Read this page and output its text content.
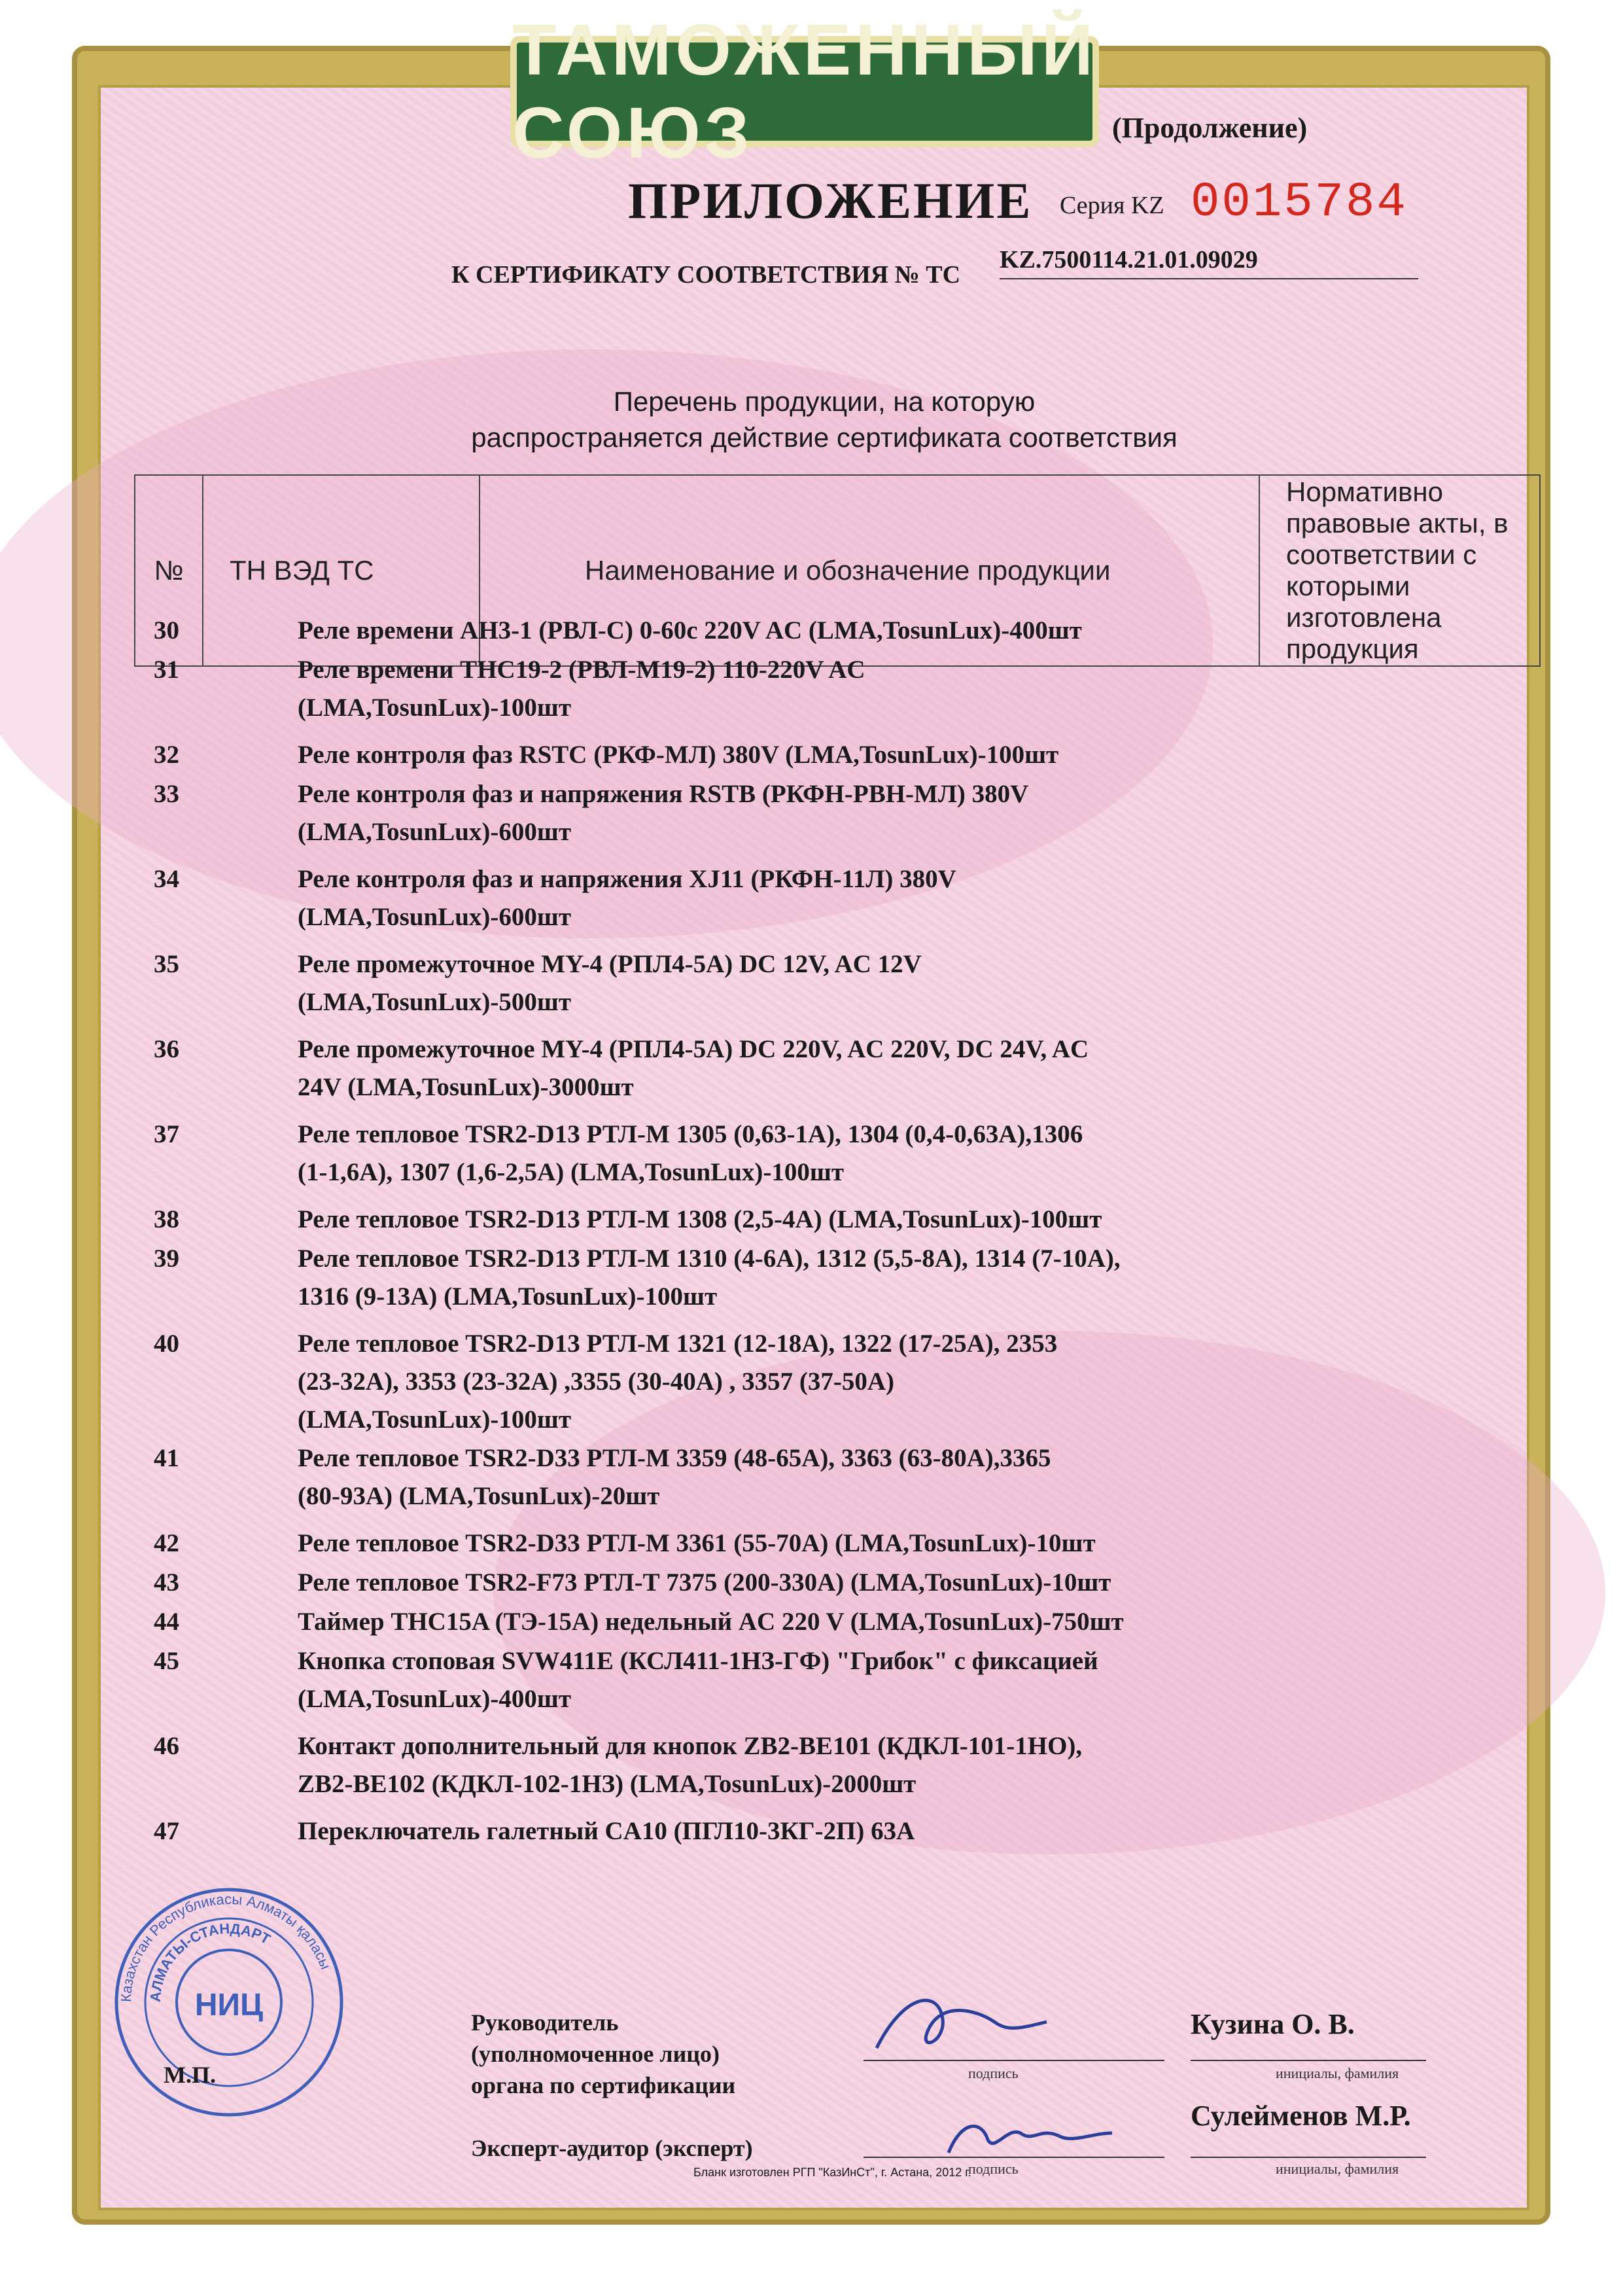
ТАМОЖЕННЫЙ СОЮЗ	(Продолжение)
ПРИЛОЖЕНИЕ Серия KZ 0015784
К СЕРТИФИКАТУ СООТВЕТСТВИЯ № ТС
KZ.7500114.21.01.09029
Перечень продукции, на которую
распространяется действие сертификата соответствия
№	ТН ВЭД ТС	Наименование и обозначение продукции	Нормативно правовые акты, в соответствии с которыми изготовлена продукция
30	Реле времени АН3-1 (РВЛ-С) 0-60с 220V AC (LMA,TosunLux)-400шт
31	Реле времени THC19-2 (РВЛ-М19-2) 110-220V AC
(LMA,TosunLux)-100шт
32	Реле контроля фаз RSTC (РКФ-МЛ) 380V (LMA,TosunLux)-100шт
33	Реле контроля фаз и напряжения RSTB (РКФН-РВН-МЛ) 380V
(LMA,TosunLux)-600шт
34	Реле контроля фаз и напряжения XJ11 (РКФН-11Л) 380V
(LMA,TosunLux)-600шт
35	Реле промежуточное MY-4 (РПЛ4-5А) DC 12V, AC 12V
(LMA,TosunLux)-500шт
36	Реле промежуточное MY-4 (РПЛ4-5А) DC 220V, AC 220V, DC 24V, AC
24V (LMA,TosunLux)-3000шт
37	Реле тепловое TSR2-D13 РТЛ-М 1305 (0,63-1А), 1304 (0,4-0,63А),1306
(1-1,6А), 1307 (1,6-2,5А) (LMA,TosunLux)-100шт
38	Реле тепловое TSR2-D13 РТЛ-М 1308 (2,5-4А) (LMA,TosunLux)-100шт
39	Реле тепловое TSR2-D13 РТЛ-М 1310 (4-6А), 1312 (5,5-8А), 1314 (7-10А),
1316 (9-13А) (LMA,TosunLux)-100шт
40	Реле тепловое TSR2-D13 РТЛ-М 1321 (12-18А), 1322 (17-25А), 2353
(23-32А), 3353 (23-32А) ,3355 (30-40А) , 3357 (37-50А)
(LMA,TosunLux)-100шт
41	Реле тепловое TSR2-D33 РТЛ-М 3359 (48-65А), 3363 (63-80А),3365
(80-93А) (LMA,TosunLux)-20шт
42	Реле тепловое TSR2-D33 РТЛ-М 3361 (55-70А) (LMA,TosunLux)-10шт
43	Реле тепловое TSR2-F73 РТЛ-Т 7375 (200-330А) (LMA,TosunLux)-10шт
44	Таймер THC15A (ТЭ-15А) недельный AC 220 V (LMA,TosunLux)-750шт
45	Кнопка стоповая SVW411E (КСЛ411-1НЗ-ГФ) "Грибок" с фиксацией
(LMA,TosunLux)-400шт
46	Контакт дополнительный для кнопок ZB2-BE101 (КДКЛ-101-1НО),
ZB2-BE102 (КДКЛ-102-1НЗ) (LMA,TosunLux)-2000шт
47	Переключатель галетный CA10 (ПГЛ10-3КГ-2П) 63А
Казахстан Республикасы Алматы қаласы
АЛМАТЫ-СТАНДАРТ
НИЦ
М.П.
Руководитель
(уполномоченное лицо)
органа по сертификации	подпись
Кузина О. В.
инициалы, фамилия
Эксперт-аудитор (эксперт)
подпись
Сулейменов М.Р.
инициалы, фамилия
Бланк изготовлен РГП "КазИнСт", г. Астана, 2012 г.
